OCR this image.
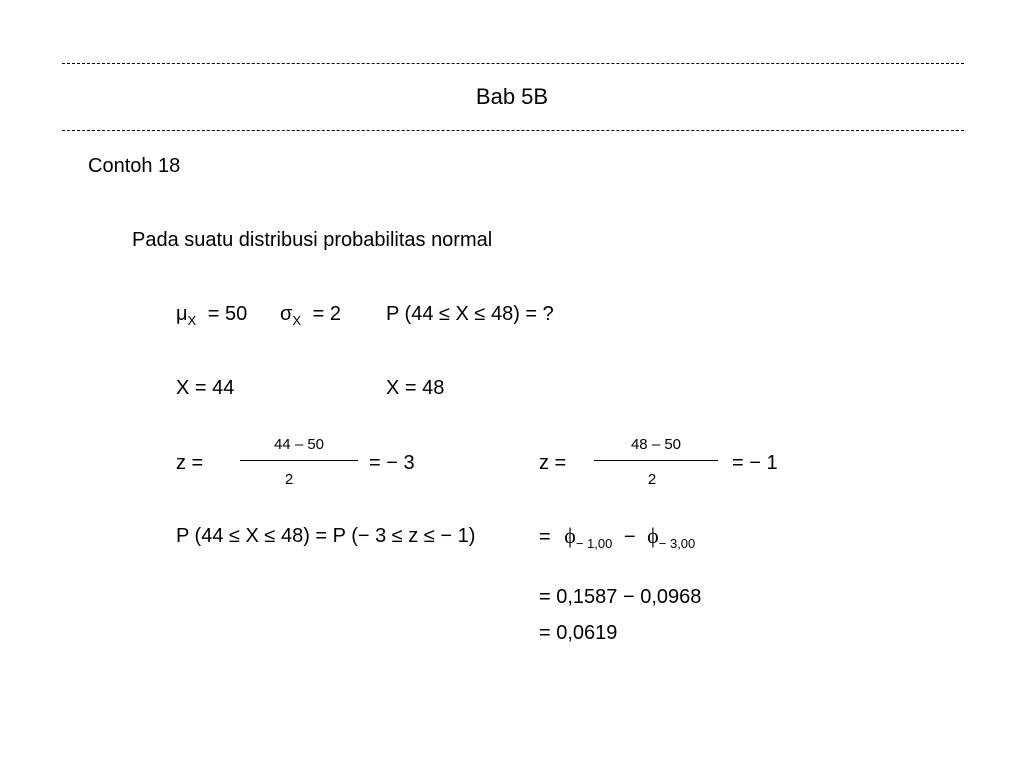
Bab 5B
Contoh 18
Pada suatu distribusi probabilitas normal
$\mu_X = 50$ $\sigma_X = 2$ P (44 ≤ X ≤ 48) = ?
X = 44	X = 48
z =
44 – 50
2
= − 3	z =
48 – 50
2
= − 1
P (44 ≤ X ≤ 48) = P (− 3 ≤ z ≤ − 1)	= $\phi_{- 1,00} - \phi_{- 3,00}$
= 0,1587 − 0,0968
= 0,0619
